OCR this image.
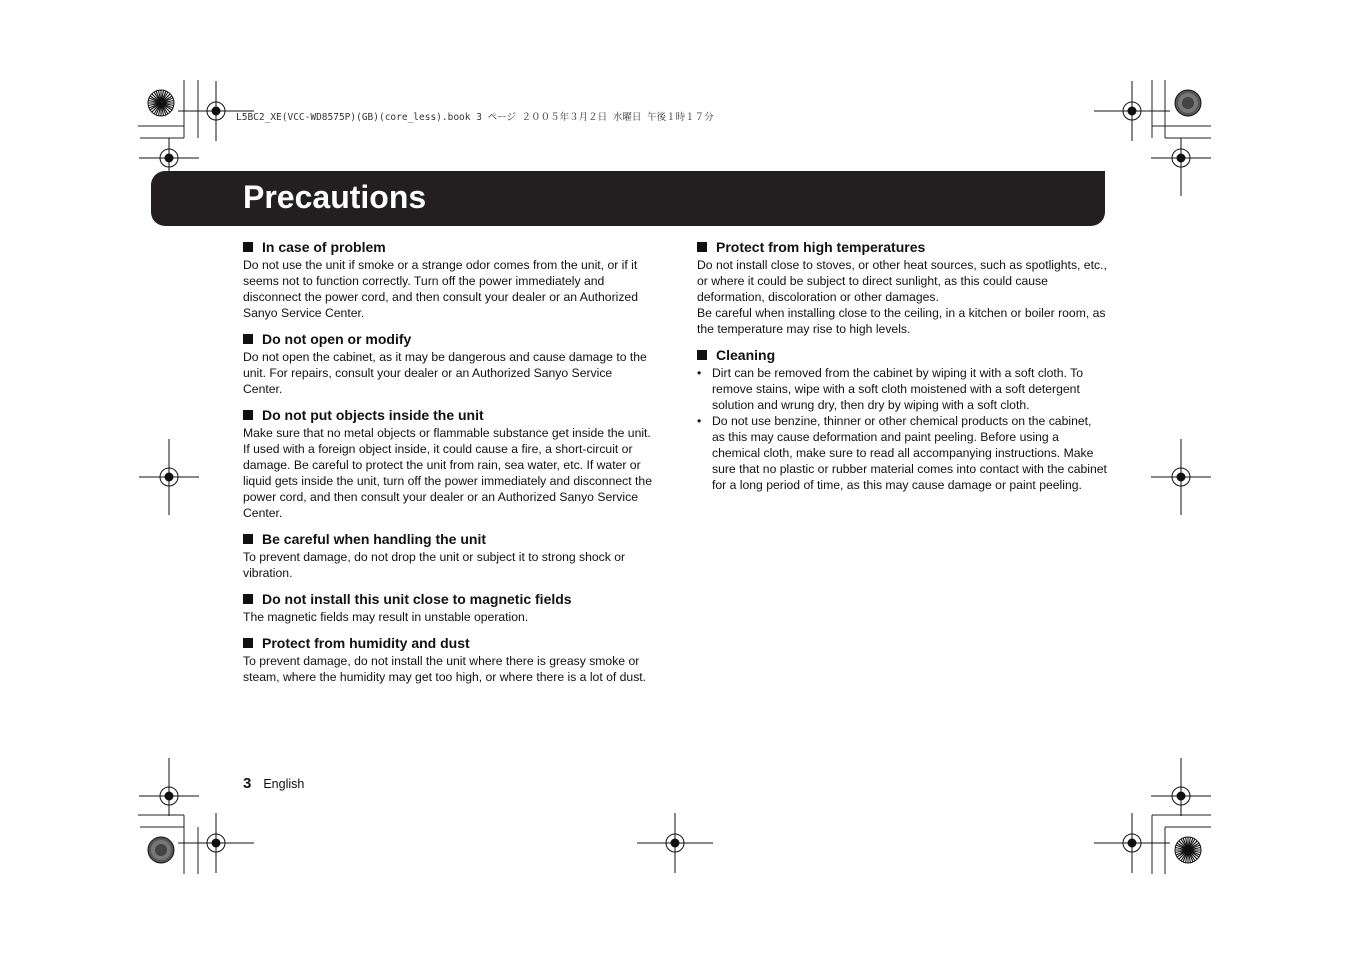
L5BC2_XE(VCC-WD8575P)(GB)(core_less).book 3 ページ ２００５年３月２日 水曜日 午後１時１７分
Precautions
In case of problem

Do not use the unit if smoke or a strange odor comes from the unit, or if it seems not to function correctly. Turn off the power immediately and disconnect the power cord, and then consult your dealer or an Authorized Sanyo Service Center.

Do not open or modify

Do not open the cabinet, as it may be dangerous and cause damage to the unit. For repairs, consult your dealer or an Authorized Sanyo Service Center.

Do not put objects inside the unit

Make sure that no metal objects or flammable substance get inside the unit. If used with a foreign object inside, it could cause a fire, a short-circuit or damage. Be careful to protect the unit from rain, sea water, etc. If water or liquid gets inside the unit, turn off the power immediately and disconnect the power cord, and then consult your dealer or an Authorized Sanyo Service Center.

Be careful when handling the unit

To prevent damage, do not drop the unit or subject it to strong shock or vibration.

Do not install this unit close to magnetic fields

The magnetic fields may result in unstable operation.

Protect from humidity and dust

To prevent damage, do not install the unit where there is greasy smoke or steam, where the humidity may get too high, or where there is a lot of dust.

Protect from high temperatures

Do not install close to stoves, or other heat sources, such as spotlights, etc., or where it could be subject to direct sunlight, as this could cause deformation, discoloration or other damages.

Be careful when installing close to the ceiling, in a kitchen or boiler room, as the temperature may rise to high levels.

Cleaning
• Dirt can be removed from the cabinet by wiping it with a soft cloth. To remove stains, wipe with a soft cloth moistened with a soft detergent solution and wrung dry, then dry by wiping with a soft cloth.
• Do not use benzine, thinner or other chemical products on the cabinet, as this may cause deformation and paint peeling. Before using a chemical cloth, make sure to read all accompanying instructions. Make sure that no plastic or rubber material comes into contact with the cabinet for a long period of time, as this may cause damage or paint peeling.
3 English
